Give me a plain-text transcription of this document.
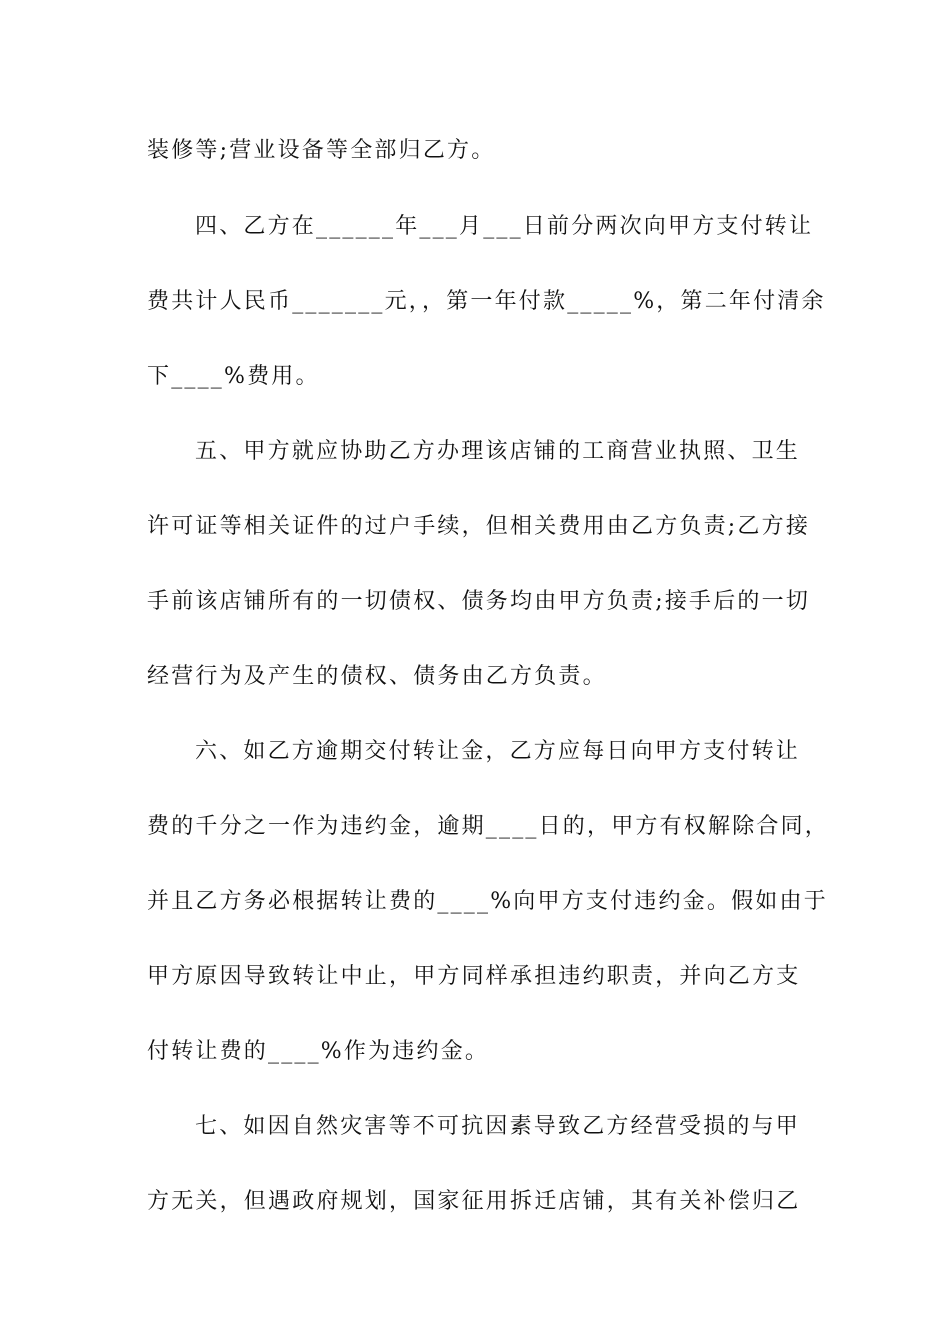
装修等;营业设备等全部归乙方。
四、乙方在______年___月___日前分两次向甲方支付转让
费共计人民币_______元，，第一年付款_____%，第二年付清余
下____%费用。
五、甲方就应协助乙方办理该店铺的工商营业执照、卫生
许可证等相关证件的过户手续，但相关费用由乙方负责;乙方接
手前该店铺所有的一切债权、债务均由甲方负责;接手后的一切
经营行为及产生的债权、债务由乙方负责。
六、如乙方逾期交付转让金，乙方应每日向甲方支付转让
费的千分之一作为违约金，逾期____日的，甲方有权解除合同，
并且乙方务必根据转让费的____%向甲方支付违约金。假如由于
甲方原因导致转让中止，甲方同样承担违约职责，并向乙方支
付转让费的____%作为违约金。
七、如因自然灾害等不可抗因素导致乙方经营受损的与甲
方无关，但遇政府规划，国家征用拆迁店铺，其有关补偿归乙
